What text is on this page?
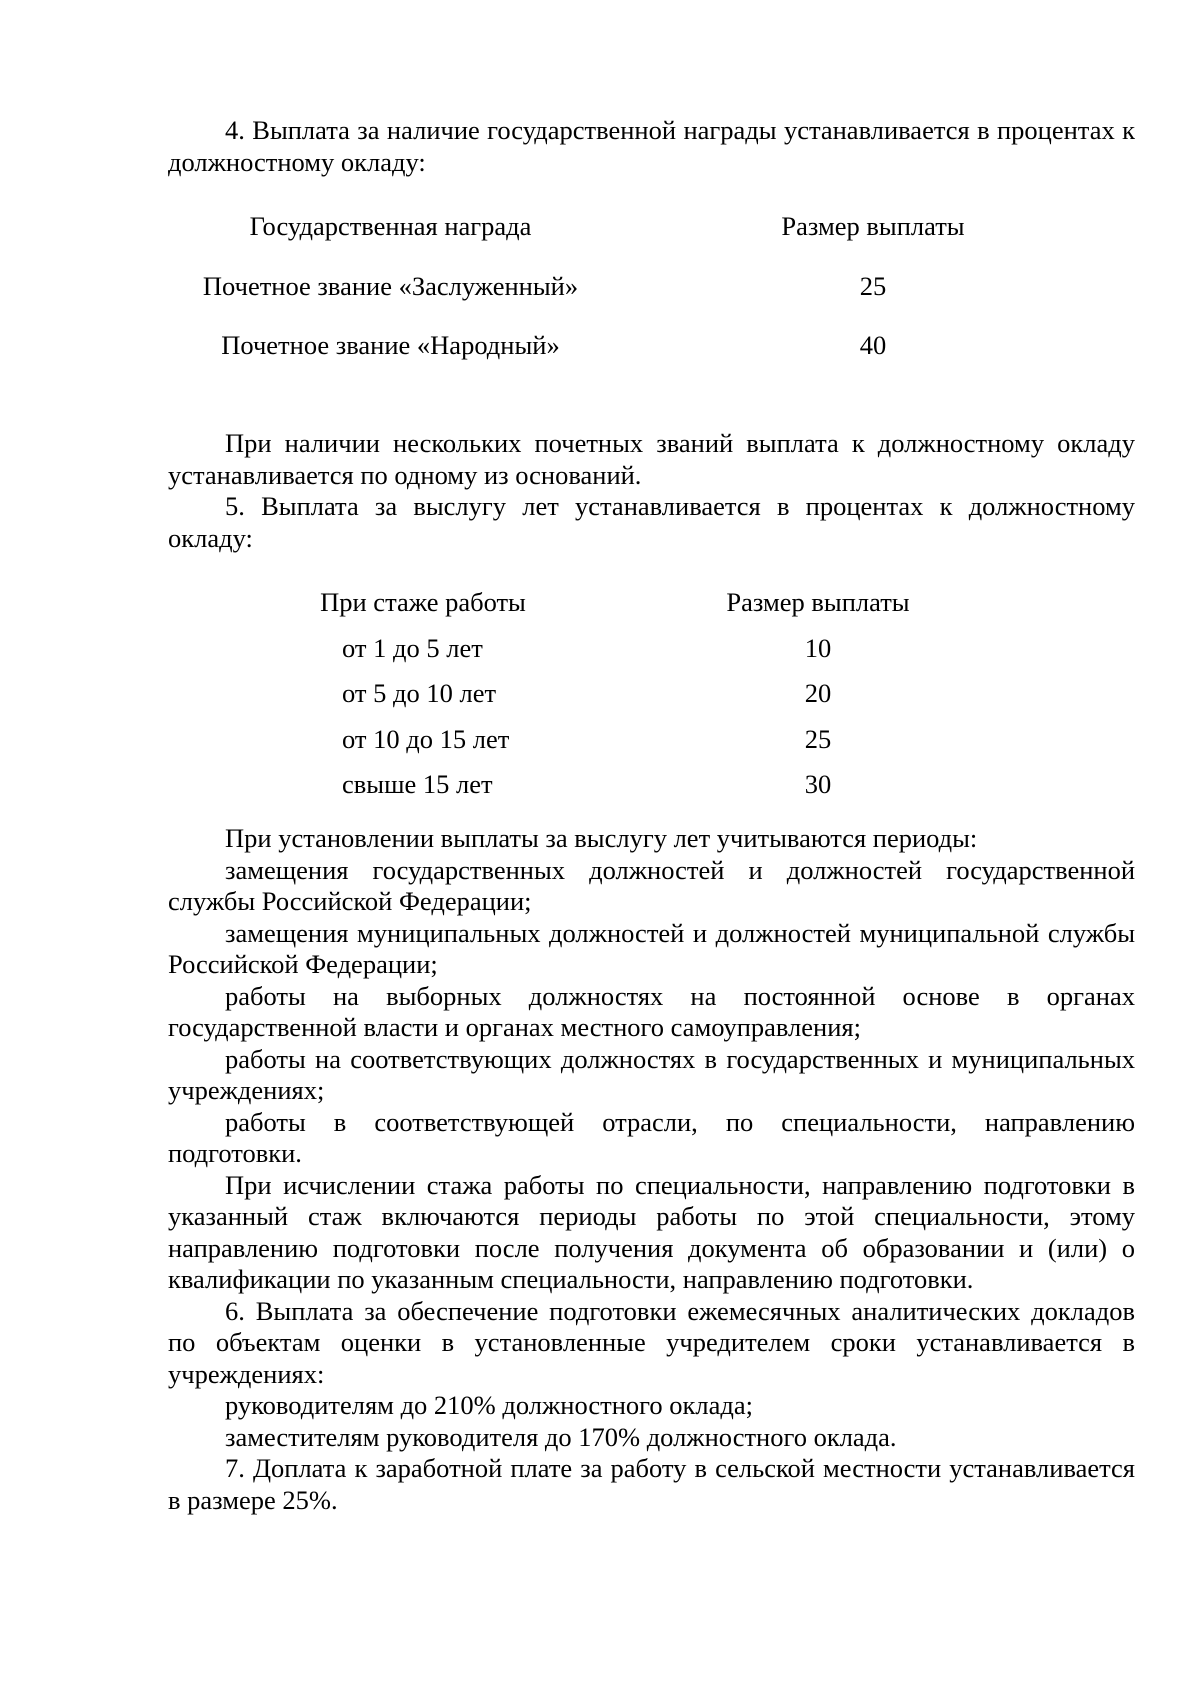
4. Выплата за наличие государственной награды устанавливается в процентах к должностному окладу:

Государственная награда	Размер выплаты
Почетное звание «Заслуженный»	25
Почетное звание «Народный»	40

При наличии нескольких почетных званий выплата к должностному окладу устанавливается по одному из оснований.

5. Выплата за выслугу лет устанавливается в процентах к должностному окладу:

При стаже работы	Размер выплаты
от 1 до 5 лет	10
от 5 до 10 лет	20
от 10 до 15 лет	25
свыше 15 лет	30

При установлении выплаты за выслугу лет учитываются периоды:

замещения государственных должностей и должностей государственной службы Российской Федерации;

замещения муниципальных должностей и должностей муниципальной службы Российской Федерации;

работы на выборных должностях на постоянной основе в органах государственной власти и органах местного самоуправления;

работы на соответствующих должностях в государственных и муниципальных учреждениях;

работы в соответствующей отрасли, по специальности, направлению подготовки.

При исчислении стажа работы по специальности, направлению подготовки в указанный стаж включаются периоды работы по этой специальности, этому направлению подготовки после получения документа об образовании и (или) о квалификации по указанным специальности, направлению подготовки.

6. Выплата за обеспечение подготовки ежемесячных аналитических докладов по объектам оценки в установленные учредителем сроки устанавливается в учреждениях:

руководителям до 210% должностного оклада;

заместителям руководителя до 170% должностного оклада.

7. Доплата к заработной плате за работу в сельской местности устанавливается в размере 25%.
